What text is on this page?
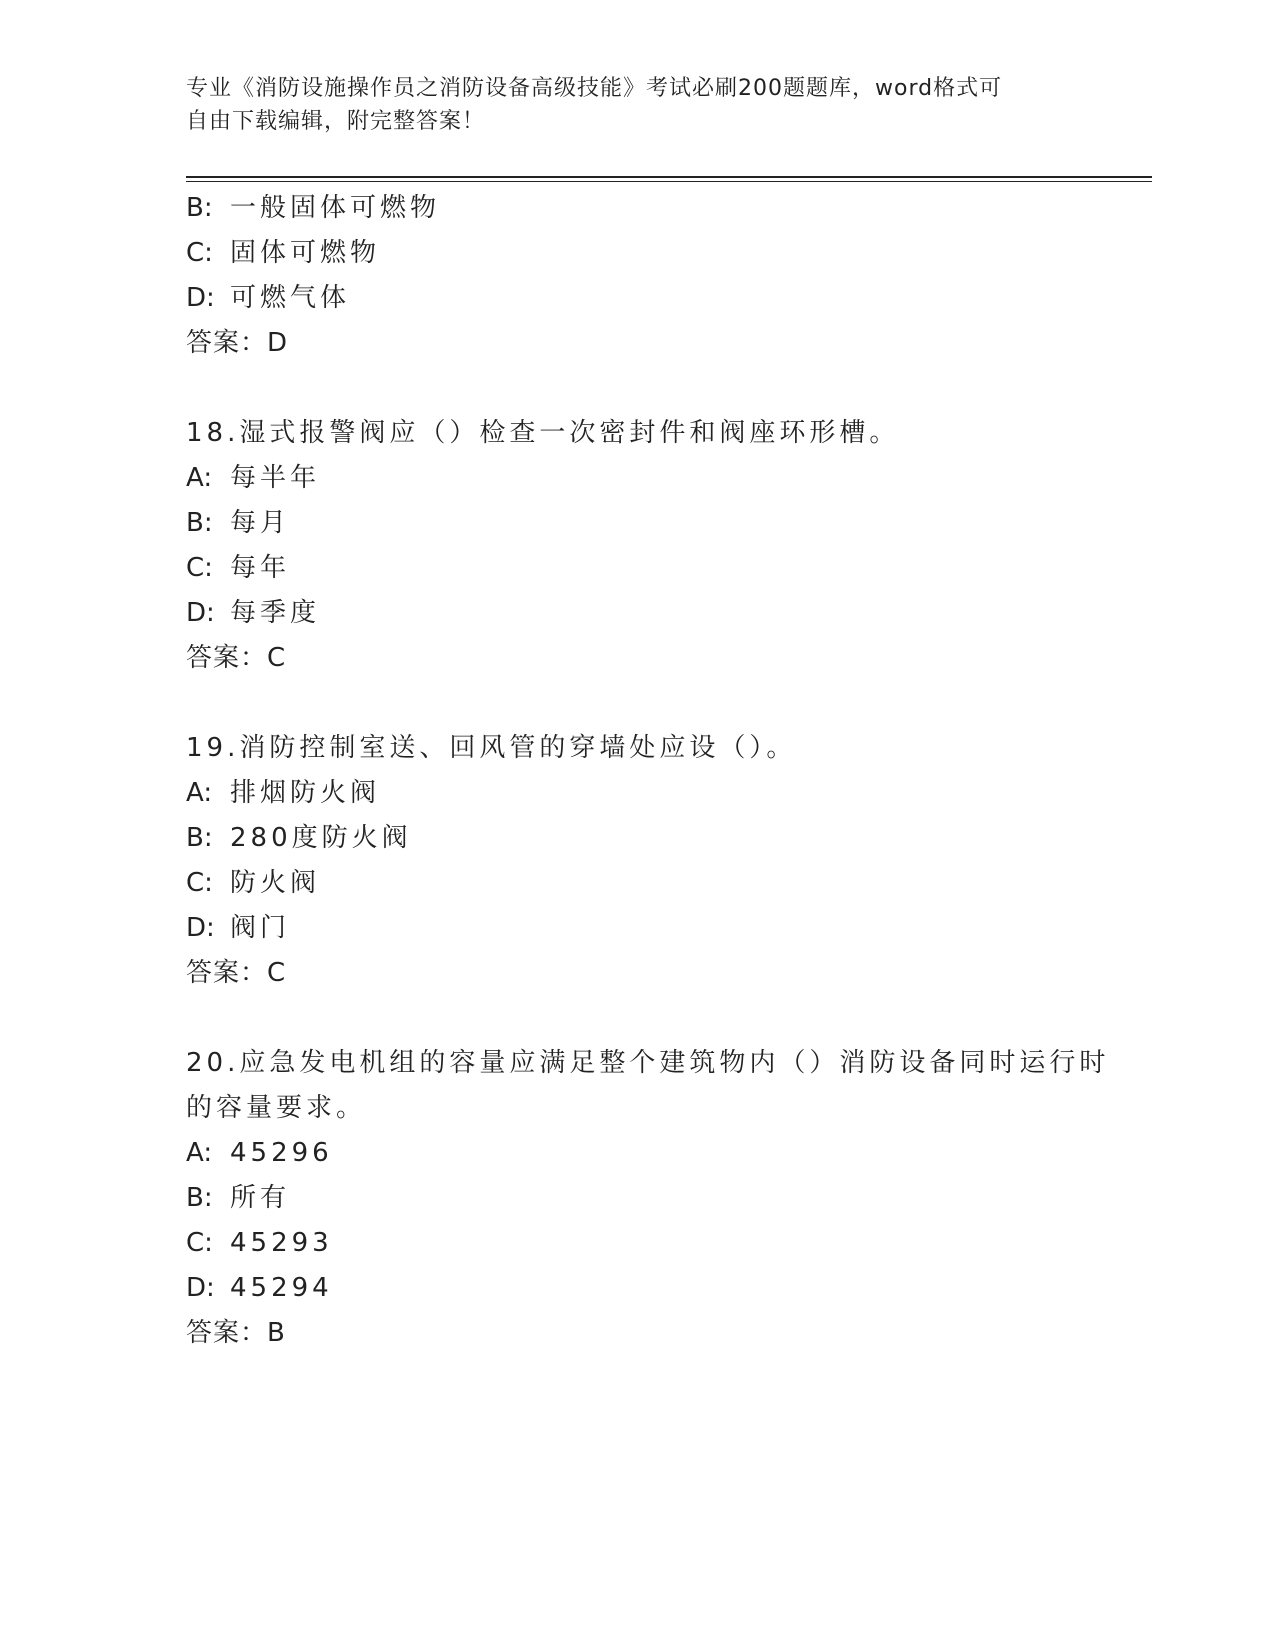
专业《消防设施操作员之消防设备高级技能》考试必刷200题题库，word格式可
自由下载编辑，附完整答案！
B: 一般固体可燃物
C: 固体可燃物
D: 可燃气体
答案：D
18.湿式报警阀应（）检查一次密封件和阀座环形槽。
A: 每半年
B: 每月
C: 每年
D: 每季度
答案：C
19.消防控制室送、回风管的穿墙处应设（）。
A: 排烟防火阀
B: 280度防火阀
C: 防火阀
D: 阀门
答案：C
20.应急发电机组的容量应满足整个建筑物内（）消防设备同时运行时
的容量要求。
A: 45296
B: 所有
C: 45293
D: 45294
答案：B
